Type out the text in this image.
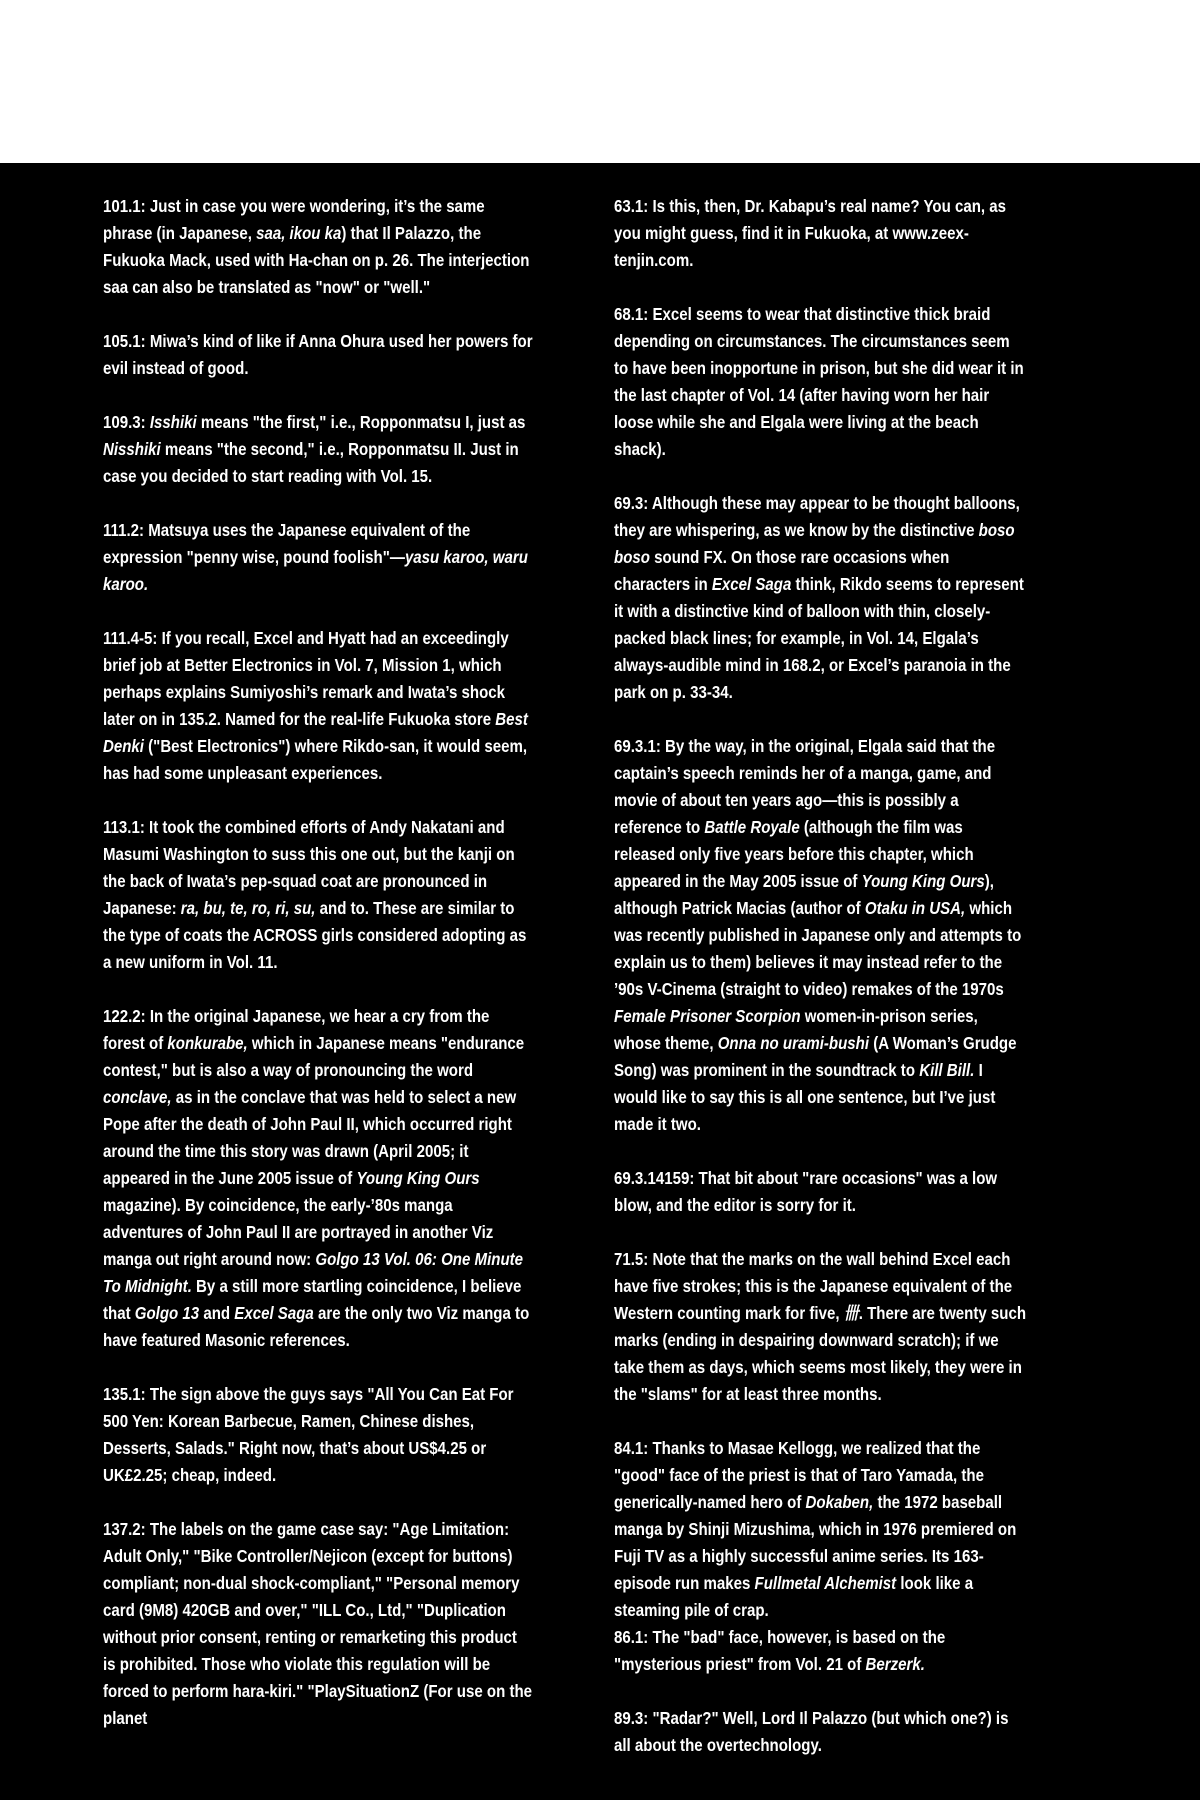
101.1: Just in case you were wondering, it’s the same phrase (in Japanese, saa, ikou ka) that Il Palazzo, the Fukuoka Mack, used with Ha-chan on p. 26. The interjection saa can also be translated as "now" or "well."

105.1: Miwa’s kind of like if Anna Ohura used her powers for evil instead of good.

109.3: Isshiki means "the first," i.e., Ropponmatsu I, just as Nisshiki means "the second," i.e., Ropponmatsu II. Just in case you decided to start reading with Vol. 15.

111.2: Matsuya uses the Japanese equivalent of the expression "penny wise, pound foolish"—yasu karoo, waru karoo.

111.4-5: If you recall, Excel and Hyatt had an exceedingly brief job at Better Electronics in Vol. 7, Mission 1, which perhaps explains Sumiyoshi’s remark and Iwata’s shock later on in 135.2. Named for the real-life Fukuoka store Best Denki ("Best Electronics") where Rikdo-san, it would seem, has had some unpleasant experiences.

113.1: It took the combined efforts of Andy Nakatani and Masumi Washington to suss this one out, but the kanji on the back of Iwata’s pep-squad coat are pronounced in Japanese: ra, bu, te, ro, ri, su, and to. These are similar to the type of coats the ACROSS girls considered adopting as a new uniform in Vol. 11.

122.2: In the original Japanese, we hear a cry from the forest of konkurabe, which in Japanese means "endurance contest," but is also a way of pronouncing the word conclave, as in the conclave that was held to select a new Pope after the death of John Paul II, which occurred right around the time this story was drawn (April 2005; it appeared in the June 2005 issue of Young King Ours magazine). By coincidence, the early-’80s manga adventures of John Paul II are portrayed in another Viz manga out right around now: Golgo 13 Vol. 06: One Minute To Midnight. By a still more startling coincidence, I believe that Golgo 13 and Excel Saga are the only two Viz manga to have featured Masonic references.

135.1: The sign above the guys says "All You Can Eat For 500 Yen: Korean Barbecue, Ramen, Chinese dishes, Desserts, Salads." Right now, that’s about US$4.25 or UK£2.25; cheap, indeed.

137.2: The labels on the game case say: "Age Limitation: Adult Only," "Bike Controller/Nejicon (except for buttons) compliant; non-dual shock-compliant," "Personal memory card (9M8) 420GB and over," "ILL Co., Ltd," "Duplication without prior consent, renting or remarketing this product is prohibited. Those who violate this regulation will be forced to perform hara-kiri." "PlaySituationZ (For use on the planet

63.1: Is this, then, Dr. Kabapu’s real name? You can, as you might guess, find it in Fukuoka, at www.zeex-tenjin.com.

68.1: Excel seems to wear that distinctive thick braid depending on circumstances. The circumstances seem to have been inopportune in prison, but she did wear it in the last chapter of Vol. 14 (after having worn her hair loose while she and Elgala were living at the beach shack).

69.3: Although these may appear to be thought balloons, they are whispering, as we know by the distinctive boso boso sound FX. On those rare occasions when characters in Excel Saga think, Rikdo seems to represent it with a distinctive kind of balloon with thin, closely-packed black lines; for example, in Vol. 14, Elgala’s always-audible mind in 168.2, or Excel’s paranoia in the park on p. 33-34.

69.3.1: By the way, in the original, Elgala said that the captain’s speech reminds her of a manga, game, and movie of about ten years ago—this is possibly a reference to Battle Royale (although the film was released only five years before this chapter, which appeared in the May 2005 issue of Young King Ours), although Patrick Macias (author of Otaku in USA, which was recently published in Japanese only and attempts to explain us to them) believes it may instead refer to the ’90s V-Cinema (straight to video) remakes of the 1970s Female Prisoner Scorpion women-in-prison series, whose theme, Onna no urami-bushi (A Woman’s Grudge Song) was prominent in the soundtrack to Kill Bill. I would like to say this is all one sentence, but I’ve just made it two.

69.3.14159: That bit about "rare occasions" was a low blow, and the editor is sorry for it.

71.5: Note that the marks on the wall behind Excel each have five strokes; this is the Japanese equivalent of the Western counting mark for five, 卌. There are twenty such marks (ending in despairing downward scratch); if we take them as days, which seems most likely, they were in the "slams" for at least three months.

84.1: Thanks to Masae Kellogg, we realized that the "good" face of the priest is that of Taro Yamada, the generically-named hero of Dokaben, the 1972 baseball manga by Shinji Mizushima, which in 1976 premiered on Fuji TV as a highly successful anime series. Its 163-episode run makes Fullmetal Alchemist look like a steaming pile of crap.

86.1: The "bad" face, however, is based on the "mysterious priest" from Vol. 21 of Berzerk.

89.3: "Radar?" Well, Lord Il Palazzo (but which one?) is all about the overtechnology.
